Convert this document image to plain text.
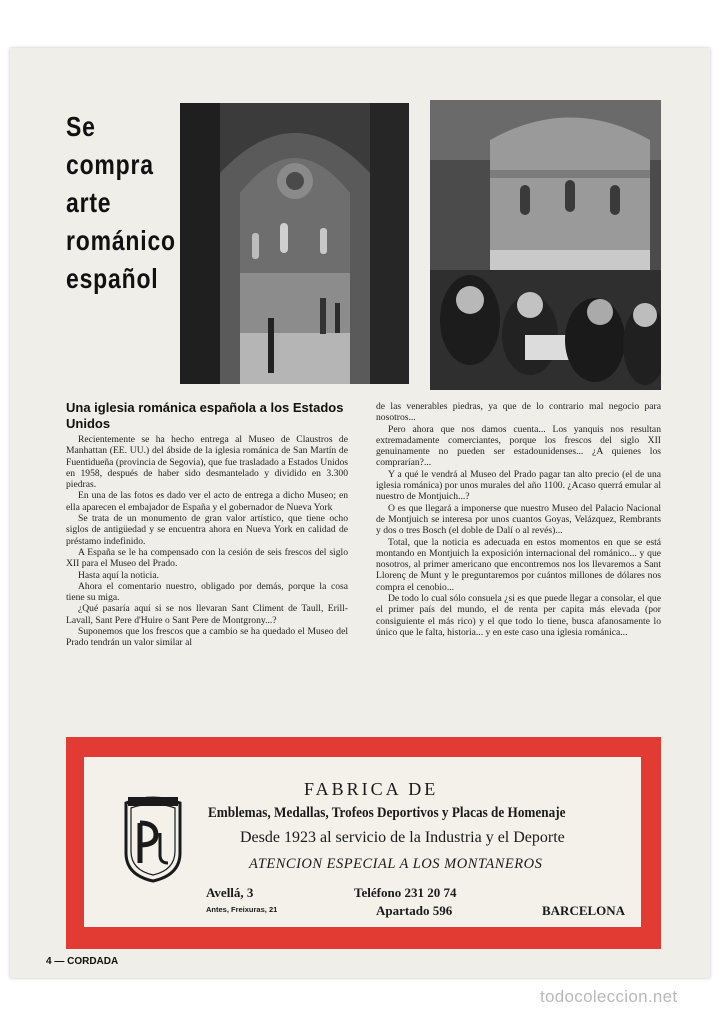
Se
compra
arte
románico
español
Una iglesia románica española a los Estados Unidos

Recientemente se ha hecho entrega al Museo de Claustros de Manhattan (EE. UU.) del ábside de la iglesia románica de San Martín de Fuentidueña (provincia de Segovia), que fue trasladado a Estados Unidos en 1958, después de haber sido desmantelado y dividido en 3.300 piedras.

En una de las fotos es dado ver el acto de entrega a dicho Museo; en ella aparecen el embajador de España y el gobernador de Nueva York

Se trata de un monumento de gran valor artístico, que tiene ocho siglos de antigüedad y se encuentra ahora en Nueva York en calidad de préstamo indefinido.

A España se le ha compensado con la cesión de seis frescos del siglo XII para el Museo del Prado.

Hasta aquí la noticia.

Ahora el comentario nuestro, obligado por demás, porque la cosa tiene su miga.

¿Qué pasaría aquí si se nos llevaran Sant Climent de Taull, Erill-Lavall, Sant Pere d'Huire o Sant Pere de Montgrony...?

Suponemos que los frescos que a cambio se ha quedado el Museo del Prado tendrán un valor similar al

de las venerables piedras, ya que de lo contrario mal negocio para nosotros...

Pero ahora que nos damos cuenta... Los yanquis nos resultan extremadamente comerciantes, porque los frescos del siglo XII genuinamente no pueden ser estadounidenses... ¿A quienes los comprarían?...

Y a qué le vendrá al Museo del Prado pagar tan alto precio (el de una iglesia románica) por unos murales del año 1100. ¿Acaso querrá emular al nuestro de Montjuich...?

O es que llegará a imponerse que nuestro Museo del Palacio Nacional de Montjuich se interesa por unos cuantos Goyas, Velázquez, Rembrants y dos o tres Bosch (el doble de Dalí o al revés)...

Total, que la noticia es adecuada en estos momentos en que se está montando en Montjuich la exposición internacional del románico... y que nosotros, al primer americano que encontremos nos los llevaremos a Sant Llorenç de Munt y le preguntaremos por cuántos millones de dólares nos compra el cenobio...

De todo lo cual sólo consuela ¿si es que puede llegar a consolar, el que el primer país del mundo, el de renta per capita más elevada (por consiguiente el más rico) y el que todo lo tiene, busca afanosamente lo único que le falta, historia... y en este caso una iglesia románica...

FABRICA DE
Emblemas, Medallas, Trofeos Deportivos y Placas de Homenaje
Desde 1923 al servicio de la Industria y el Deporte
ATENCION ESPECIAL A LOS MONTANEROS
Avellá, 3	Teléfono 231 20 74
Antes, Freixuras, 21	Apartado 596	BARCELONA
4 — CORDADA
todocoleccion.net
